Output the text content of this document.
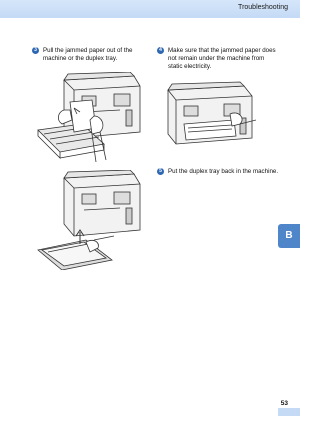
Troubleshooting
B
3 Pull the jammed paper out of the
machine or the duplex tray.
4 Make sure that the jammed paper does
not remain under the machine from
static electricity.
5 Put the duplex tray back in the machine.
53
